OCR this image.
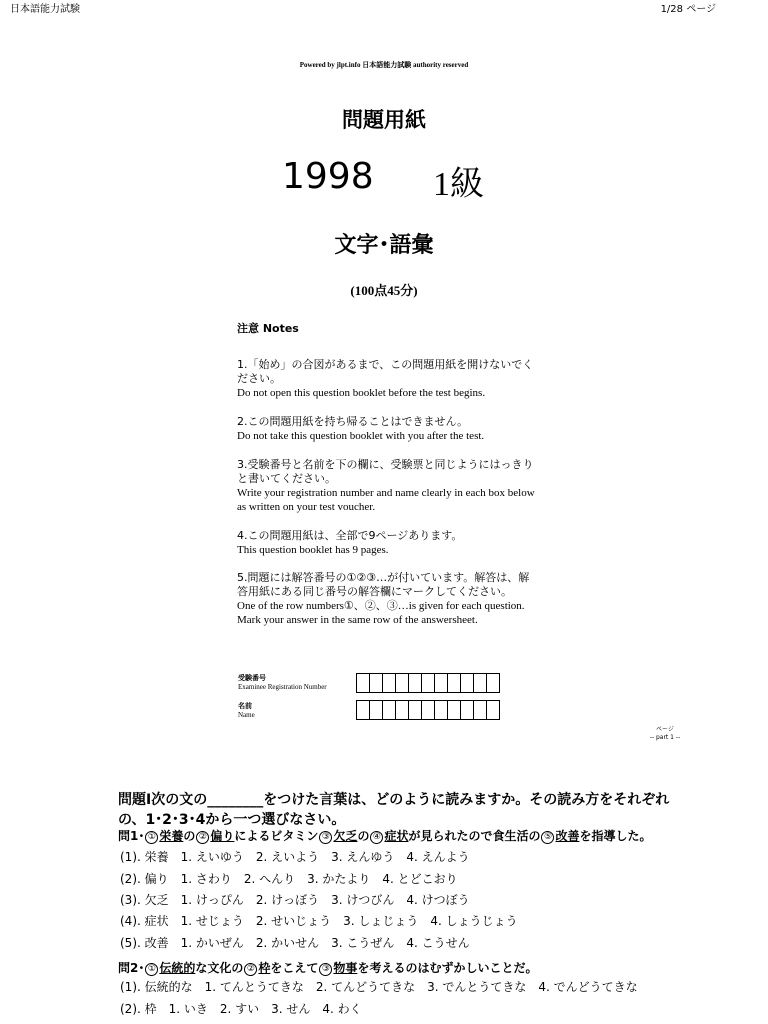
日本語能力試験	1/28 ページ
Powered by jlpt.info 日本語能力試験 authority reserved
問題用紙
1998 1級
文字･語彙
(100点45分)
注意 Notes
1.「始め」の合図があるまで、この問題用紙を開けないでください。
Do not open this question booklet before the test begins.
2.この問題用紙を持ち帰ることはできません。
Do not take this question booklet with you after the test.
3.受験番号と名前を下の欄に、受験票と同じようにはっきりと書いてください。
Write your registration number and name clearly in each box below as written on your test voucher.
4.この問題用紙は、全部で9ページあります。
This question booklet has 9 pages.
5.問題には解答番号の①②③…が付いています。解答は、解答用紙にある同じ番号の解答欄にマークしてください。
One of the row numbers①、②、③…is given for each question. Mark your answer in the same row of the answersheet.
受験番号
Examinee Registration Number
名前
Name
ページ
-- part 1 --
問題Ⅰ次の文の________をつけた言葉は、どのように読みますか。その読み方をそれぞれの、1･2･3･4から一つ選びなさい。
問1･ ① 栄養の ② 偏りによるビタミン ③ 欠乏の ④ 症状が見られたので食生活の ⑤ 改善を指導した。
(1). 栄養　1. えいゆう　2. えいよう　3. えんゆう　4. えんよう
(2). 偏り　1. さわり　2. へんり　3. かたより　4. とどこおり
(3). 欠乏　1. けっぴん　2. けっぼう　3. けつびん　4. けつぼう
(4). 症状　1. せじょう　2. せいじょう　3. しょじょう　4. しょうじょう
(5). 改善　1. かいぜん　2. かいせん　3. こうぜん　4. こうせん
問2･ ① 伝統的な文化の ② 枠をこえて ③ 物事を考えるのはむずかしいことだ。
(1). 伝統的な　1. てんとうてきな　2. てんどうてきな　3. でんとうてきな　4. でんどうてきな
(2). 枠　1. いき　2. すい　3. せん　4. わく
